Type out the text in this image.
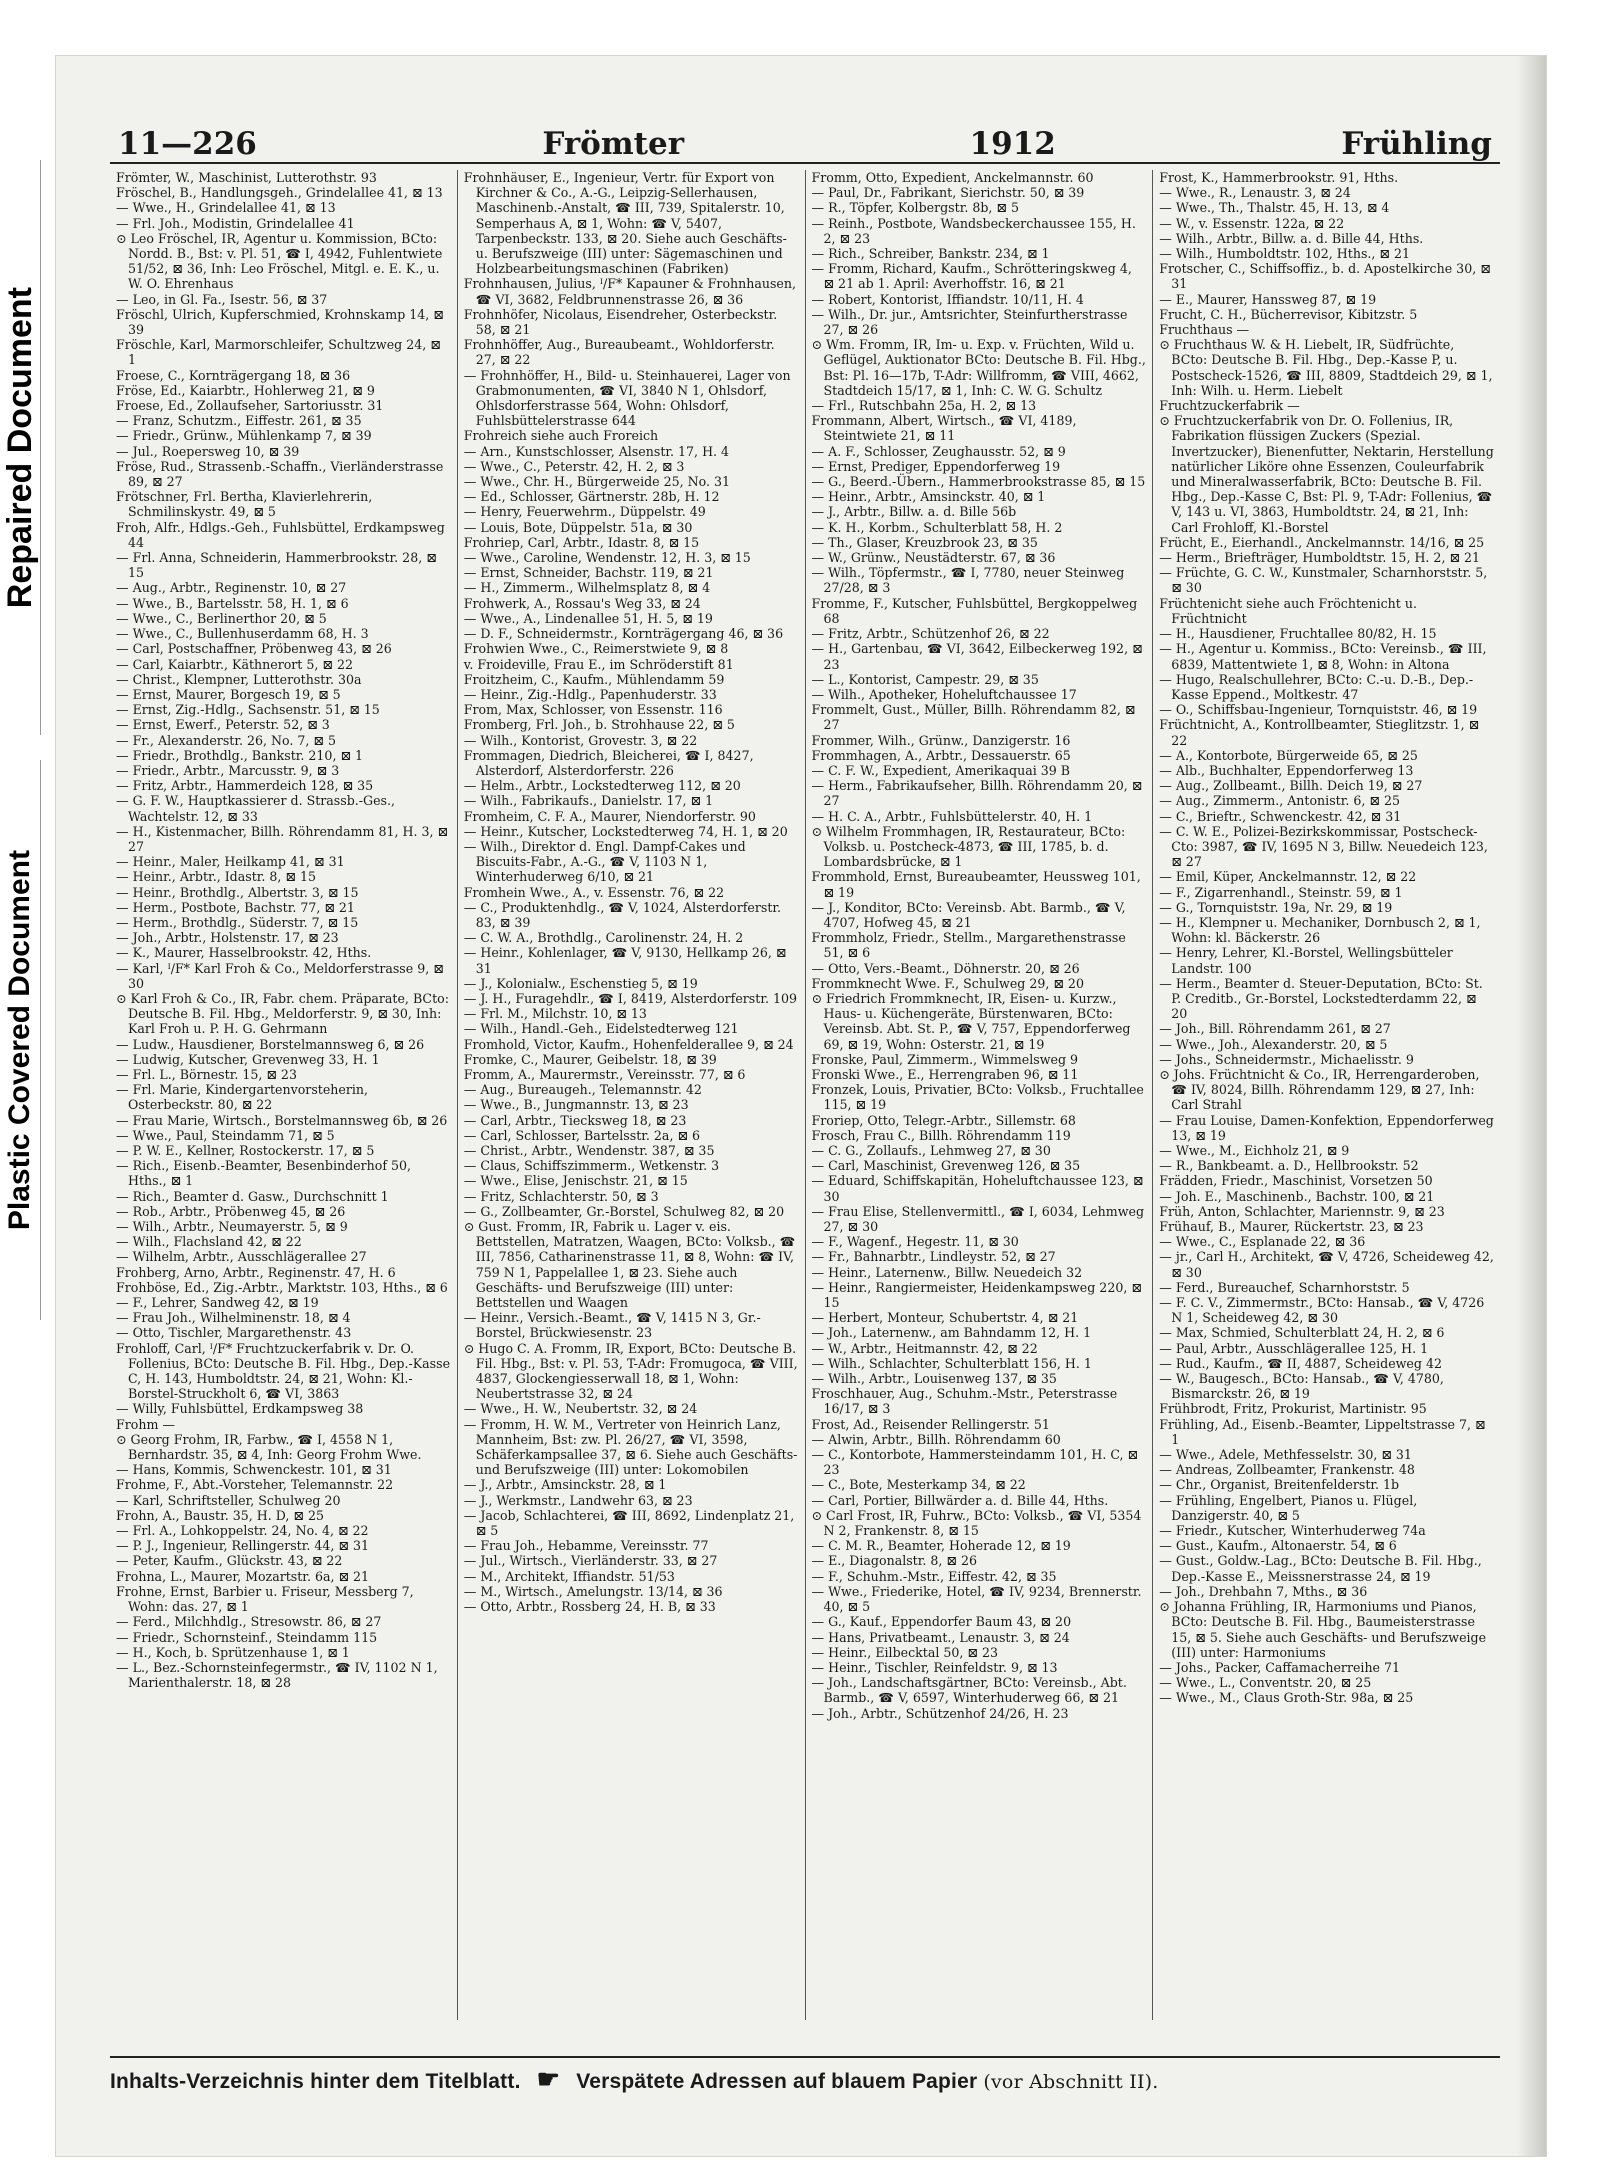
Repaired Document
Plastic Covered Document
11—226	Frömter	1912	Frühling

Frömter, W., Maschinist, Lutterothstr. 93

Fröschel, B., Handlungsgeh., Grindelallee 41, ⊠ 13

— Wwe., H., Grindelallee 41, ⊠ 13

— Frl. Joh., Modistin, Grindelallee 41

⊙ Leo Fröschel, IR, Agentur u. Kommission, BCto: Nordd. B., Bst: v. Pl. 51, ☎ I, 4942, Fuhlentwiete 51/52, ⊠ 36, Inh: Leo Fröschel, Mitgl. e. E. K., u. W. O. Ehrenhaus

— Leo, in Gl. Fa., Isestr. 56, ⊠ 37

Fröschl, Ulrich, Kupferschmied, Krohnskamp 14, ⊠ 39

Fröschle, Karl, Marmorschleifer, Schultzweg 24, ⊠ 1

Froese, C., Kornträgergang 18, ⊠ 36

Fröse, Ed., Kaiarbtr., Hohlerweg 21, ⊠ 9

Froese, Ed., Zollaufseher, Sartoriusstr. 31

— Franz, Schutzm., Eiffestr. 261, ⊠ 35

— Friedr., Grünw., Mühlenkamp 7, ⊠ 39

— Jul., Roepersweg 10, ⊠ 39

Fröse, Rud., Strassenb.-Schaffn., Vierländerstrasse 89, ⊠ 27

Frötschner, Frl. Bertha, Klavierlehrerin, Schmilinskystr. 49, ⊠ 5

Froh, Alfr., Hdlgs.-Geh., Fuhlsbüttel, Erdkampsweg 44

— Frl. Anna, Schneiderin, Hammerbrookstr. 28, ⊠ 15

— Aug., Arbtr., Reginenstr. 10, ⊠ 27

— Wwe., B., Bartelsstr. 58, H. 1, ⊠ 6

— Wwe., C., Berlinerthor 20, ⊠ 5

— Wwe., C., Bullenhuserdamm 68, H. 3

— Carl, Postschaffner, Pröbenweg 43, ⊠ 26

— Carl, Kaiarbtr., Käthnerort 5, ⊠ 22

— Christ., Klempner, Lutterothstr. 30a

— Ernst, Maurer, Borgesch 19, ⊠ 5

— Ernst, Zig.-Hdlg., Sachsenstr. 51, ⊠ 15

— Ernst, Ewerf., Peterstr. 52, ⊠ 3

— Fr., Alexanderstr. 26, No. 7, ⊠ 5

— Friedr., Brothdlg., Bankstr. 210, ⊠ 1

— Friedr., Arbtr., Marcusstr. 9, ⊠ 3

— Fritz, Arbtr., Hammerdeich 128, ⊠ 35

— G. F. W., Hauptkassierer d. Strassb.-Ges., Wachtelstr. 12, ⊠ 33

— H., Kistenmacher, Billh. Röhrendamm 81, H. 3, ⊠ 27

— Heinr., Maler, Heilkamp 41, ⊠ 31

— Heinr., Arbtr., Idastr. 8, ⊠ 15

— Heinr., Brothdlg., Albertstr. 3, ⊠ 15

— Herm., Postbote, Bachstr. 77, ⊠ 21

— Herm., Brothdlg., Süderstr. 7, ⊠ 15

— Joh., Arbtr., Holstenstr. 17, ⊠ 23

— K., Maurer, Hasselbrookstr. 42, Hths.

— Karl, ᴵ/F* Karl Froh & Co., Meldorferstrasse 9, ⊠ 30

⊙ Karl Froh & Co., IR, Fabr. chem. Präparate, BCto: Deutsche B. Fil. Hbg., Meldorferstr. 9, ⊠ 30, Inh: Karl Froh u. P. H. G. Gehrmann

— Ludw., Hausdiener, Borstelmannsweg 6, ⊠ 26

— Ludwig, Kutscher, Grevenweg 33, H. 1

— Frl. L., Börnestr. 15, ⊠ 23

— Frl. Marie, Kindergartenvorsteherin, Osterbeckstr. 80, ⊠ 22

— Frau Marie, Wirtsch., Borstelmannsweg 6b, ⊠ 26

— Wwe., Paul, Steindamm 71, ⊠ 5

— P. W. E., Kellner, Rostockerstr. 17, ⊠ 5

— Rich., Eisenb.-Beamter, Besenbinderhof 50, Hths., ⊠ 1

— Rich., Beamter d. Gasw., Durchschnitt 1

— Rob., Arbtr., Pröbenweg 45, ⊠ 26

— Wilh., Arbtr., Neumayerstr. 5, ⊠ 9

— Wilh., Flachsland 42, ⊠ 22

— Wilhelm, Arbtr., Ausschlägerallee 27

Frohberg, Arno, Arbtr., Reginenstr. 47, H. 6

Frohböse, Ed., Zig.-Arbtr., Marktstr. 103, Hths., ⊠ 6

— F., Lehrer, Sandweg 42, ⊠ 19

— Frau Joh., Wilhelminenstr. 18, ⊠ 4

— Otto, Tischler, Margarethenstr. 43

Frohloff, Carl, ᴵ/F* Fruchtzuckerfabrik v. Dr. O. Follenius, BCto: Deutsche B. Fil. Hbg., Dep.-Kasse C, H. 143, Humboldtstr. 24, ⊠ 21, Wohn: Kl.-Borstel-Struckholt 6, ☎ VI, 3863

— Willy, Fuhlsbüttel, Erdkampsweg 38

Frohm —

⊙ Georg Frohm, IR, Farbw., ☎ I, 4558 N 1, Bernhardstr. 35, ⊠ 4, Inh: Georg Frohm Wwe.

— Hans, Kommis, Schwenckestr. 101, ⊠ 31

Frohme, F., Abt.-Vorsteher, Telemannstr. 22

— Karl, Schriftsteller, Schulweg 20

Frohn, A., Baustr. 35, H. D, ⊠ 25

— Frl. A., Lohkoppelstr. 24, No. 4, ⊠ 22

— P. J., Ingenieur, Rellingerstr. 44, ⊠ 31

— Peter, Kaufm., Glückstr. 43, ⊠ 22

Frohna, L., Maurer, Mozartstr. 6a, ⊠ 21

Frohne, Ernst, Barbier u. Friseur, Messberg 7, Wohn: das. 27, ⊠ 1

— Ferd., Milchhdlg., Stresowstr. 86, ⊠ 27

— Friedr., Schornsteinf., Steindamm 115

— H., Koch, b. Sprützenhause 1, ⊠ 1

— L., Bez.-Schornsteinfegermstr., ☎ IV, 1102 N 1, Marienthalerstr. 18, ⊠ 28

Frohnhäuser, E., Ingenieur, Vertr. für Export von Kirchner & Co., A.-G., Leipzig-Sellerhausen, Maschinenb.-Anstalt, ☎ III, 739, Spitalerstr. 10, Semperhaus A, ⊠ 1, Wohn: ☎ V, 5407, Tarpenbeckstr. 133, ⊠ 20. Siehe auch Geschäfts- u. Berufszweige (III) unter: Sägemaschinen und Holzbearbeitungsmaschinen (Fabriken)

Frohnhausen, Julius, ᴵ/F* Kapauner & Frohnhausen, ☎ VI, 3682, Feldbrunnenstrasse 26, ⊠ 36

Frohnhöfer, Nicolaus, Eisendreher, Osterbeckstr. 58, ⊠ 21

Frohnhöffer, Aug., Bureaubeamt., Wohldorferstr. 27, ⊠ 22

— Frohnhöffer, H., Bild- u. Steinhauerei, Lager von Grabmonumenten, ☎ VI, 3840 N 1, Ohlsdorf, Ohlsdorferstrasse 564, Wohn: Ohlsdorf, Fuhlsbüttelerstrasse 644

Frohreich siehe auch Froreich

— Arn., Kunstschlosser, Alsenstr. 17, H. 4

— Wwe., C., Peterstr. 42, H. 2, ⊠ 3

— Wwe., Chr. H., Bürgerweide 25, No. 31

— Ed., Schlosser, Gärtnerstr. 28b, H. 12

— Henry, Feuerwehrm., Düppelstr. 49

— Louis, Bote, Düppelstr. 51a, ⊠ 30

Frohriep, Carl, Arbtr., Idastr. 8, ⊠ 15

— Wwe., Caroline, Wendenstr. 12, H. 3, ⊠ 15

— Ernst, Schneider, Bachstr. 119, ⊠ 21

— H., Zimmerm., Wilhelmsplatz 8, ⊠ 4

Frohwerk, A., Rossau's Weg 33, ⊠ 24

— Wwe., A., Lindenallee 51, H. 5, ⊠ 19

— D. F., Schneidermstr., Kornträgergang 46, ⊠ 36

Frohwien Wwe., C., Reimerstwiete 9, ⊠ 8

v. Froideville, Frau E., im Schröderstift 81

Froitzheim, C., Kaufm., Mühlendamm 59

— Heinr., Zig.-Hdlg., Papenhuderstr. 33

From, Max, Schlosser, von Essenstr. 116

Fromberg, Frl. Joh., b. Strohhause 22, ⊠ 5

— Wilh., Kontorist, Grovestr. 3, ⊠ 22

Frommagen, Diedrich, Bleicherei, ☎ I, 8427, Alsterdorf, Alsterdorferstr. 226

— Helm., Arbtr., Lockstedterweg 112, ⊠ 20

— Wilh., Fabrikaufs., Danielstr. 17, ⊠ 1

Fromheim, C. F. A., Maurer, Niendorferstr. 90

— Heinr., Kutscher, Lockstedterweg 74, H. 1, ⊠ 20

— Wilh., Direktor d. Engl. Dampf-Cakes und Biscuits-Fabr., A.-G., ☎ V, 1103 N 1, Winterhuderweg 6/10, ⊠ 21

Fromhein Wwe., A., v. Essenstr. 76, ⊠ 22

— C., Produktenhdlg., ☎ V, 1024, Alsterdorferstr. 83, ⊠ 39

— C. W. A., Brothdlg., Carolinenstr. 24, H. 2

— Heinr., Kohlenlager, ☎ V, 9130, Hellkamp 26, ⊠ 31

— J., Kolonialw., Eschenstieg 5, ⊠ 19

— J. H., Furagehdlr., ☎ I, 8419, Alsterdorferstr. 109

— Frl. M., Milchstr. 10, ⊠ 13

— Wilh., Handl.-Geh., Eidelstedterweg 121

Fromhold, Victor, Kaufm., Hohenfelderallee 9, ⊠ 24

Fromke, C., Maurer, Geibelstr. 18, ⊠ 39

Fromm, A., Maurermstr., Vereinsstr. 77, ⊠ 6

— Aug., Bureaugeh., Telemannstr. 42

— Wwe., B., Jungmannstr. 13, ⊠ 23

— Carl, Arbtr., Tiecksweg 18, ⊠ 23

— Carl, Schlosser, Bartelsstr. 2a, ⊠ 6

— Christ., Arbtr., Wendenstr. 387, ⊠ 35

— Claus, Schiffszimmerm., Wetkenstr. 3

— Wwe., Elise, Jenischstr. 21, ⊠ 15

— Fritz, Schlachterstr. 50, ⊠ 3

— G., Zollbeamter, Gr.-Borstel, Schulweg 82, ⊠ 20

⊙ Gust. Fromm, IR, Fabrik u. Lager v. eis. Bettstellen, Matratzen, Waagen, BCto: Volksb., ☎ III, 7856, Catharinenstrasse 11, ⊠ 8, Wohn: ☎ IV, 759 N 1, Pappelallee 1, ⊠ 23. Siehe auch Geschäfts- und Berufszweige (III) unter: Bettstellen und Waagen

— Heinr., Versich.-Beamt., ☎ V, 1415 N 3, Gr.-Borstel, Brückwiesenstr. 23

⊙ Hugo C. A. Fromm, IR, Export, BCto: Deutsche B. Fil. Hbg., Bst: v. Pl. 53, T-Adr: Fromugoca, ☎ VIII, 4837, Glockengiesserwall 18, ⊠ 1, Wohn: Neubertstrasse 32, ⊠ 24

— Wwe., H. W., Neubertstr. 32, ⊠ 24

— Fromm, H. W. M., Vertreter von Heinrich Lanz, Mannheim, Bst: zw. Pl. 26/27, ☎ VI, 3598, Schäferkampsallee 37, ⊠ 6. Siehe auch Geschäfts- und Berufszweige (III) unter: Lokomobilen

— J., Arbtr., Amsinckstr. 28, ⊠ 1

— J., Werkmstr., Landwehr 63, ⊠ 23

— Jacob, Schlachterei, ☎ III, 8692, Lindenplatz 21, ⊠ 5

— Frau Joh., Hebamme, Vereinsstr. 77

— Jul., Wirtsch., Vierländerstr. 33, ⊠ 27

— M., Architekt, Iffiandstr. 51/53

— M., Wirtsch., Amelungstr. 13/14, ⊠ 36

— Otto, Arbtr., Rossberg 24, H. B, ⊠ 33

Fromm, Otto, Expedient, Anckelmannstr. 60

— Paul, Dr., Fabrikant, Sierichstr. 50, ⊠ 39

— R., Töpfer, Kolbergstr. 8b, ⊠ 5

— Reinh., Postbote, Wandsbeckerchaussee 155, H. 2, ⊠ 23

— Rich., Schreiber, Bankstr. 234, ⊠ 1

— Fromm, Richard, Kaufm., Schrötteringskweg 4, ⊠ 21 ab 1. April: Averhoffstr. 16, ⊠ 21

— Robert, Kontorist, Iffiandstr. 10/11, H. 4

— Wilh., Dr. jur., Amtsrichter, Steinfurtherstrasse 27, ⊠ 26

⊙ Wm. Fromm, IR, Im- u. Exp. v. Früchten, Wild u. Geflügel, Auktionator BCto: Deutsche B. Fil. Hbg., Bst: Pl. 16—17b, T-Adr: Willfromm, ☎ VIII, 4662, Stadtdeich 15/17, ⊠ 1, Inh: C. W. G. Schultz

— Frl., Rutschbahn 25a, H. 2, ⊠ 13

Frommann, Albert, Wirtsch., ☎ VI, 4189, Steintwiete 21, ⊠ 11

— A. F., Schlosser, Zeughausstr. 52, ⊠ 9

— Ernst, Prediger, Eppendorferweg 19

— G., Beerd.-Übern., Hammerbrookstrasse 85, ⊠ 15

— Heinr., Arbtr., Amsinckstr. 40, ⊠ 1

— J., Arbtr., Billw. a. d. Bille 56b

— K. H., Korbm., Schulterblatt 58, H. 2

— Th., Glaser, Kreuzbrook 23, ⊠ 35

— W., Grünw., Neustädterstr. 67, ⊠ 36

— Wilh., Töpfermstr., ☎ I, 7780, neuer Steinweg 27/28, ⊠ 3

Fromme, F., Kutscher, Fuhlsbüttel, Bergkoppelweg 68

— Fritz, Arbtr., Schützenhof 26, ⊠ 22

— H., Gartenbau, ☎ VI, 3642, Eilbeckerweg 192, ⊠ 23

— L., Kontorist, Campestr. 29, ⊠ 35

— Wilh., Apotheker, Hoheluftchaussee 17

Frommelt, Gust., Müller, Billh. Röhrendamm 82, ⊠ 27

Frommer, Wilh., Grünw., Danzigerstr. 16

Frommhagen, A., Arbtr., Dessauerstr. 65

— C. F. W., Expedient, Amerikaquai 39 B

— Herm., Fabrikaufseher, Billh. Röhrendamm 20, ⊠ 27

— H. C. A., Arbtr., Fuhlsbüttelerstr. 40, H. 1

⊙ Wilhelm Frommhagen, IR, Restaurateur, BCto: Volksb. u. Postcheck-4873, ☎ III, 1785, b. d. Lombardsbrücke, ⊠ 1

Frommhold, Ernst, Bureaubeamter, Heussweg 101, ⊠ 19

— J., Konditor, BCto: Vereinsb. Abt. Barmb., ☎ V, 4707, Hofweg 45, ⊠ 21

Frommholz, Friedr., Stellm., Margarethenstrasse 51, ⊠ 6

— Otto, Vers.-Beamt., Döhnerstr. 20, ⊠ 26

Frommknecht Wwe. F., Schulweg 29, ⊠ 20

⊙ Friedrich Frommknecht, IR, Eisen- u. Kurzw., Haus- u. Küchengeräte, Bürstenwaren, BCto: Vereinsb. Abt. St. P., ☎ V, 757, Eppendorferweg 69, ⊠ 19, Wohn: Osterstr. 21, ⊠ 19

Fronske, Paul, Zimmerm., Wimmelsweg 9

Fronski Wwe., E., Herrengraben 96, ⊠ 11

Fronzek, Louis, Privatier, BCto: Volksb., Fruchtallee 115, ⊠ 19

Froriep, Otto, Telegr.-Arbtr., Sillemstr. 68

Frosch, Frau C., Billh. Röhrendamm 119

— C. G., Zollaufs., Lehmweg 27, ⊠ 30

— Carl, Maschinist, Grevenweg 126, ⊠ 35

— Eduard, Schiffskapitän, Hoheluftchaussee 123, ⊠ 30

— Frau Elise, Stellenvermittl., ☎ I, 6034, Lehmweg 27, ⊠ 30

— F., Wagenf., Hegestr. 11, ⊠ 30

— Fr., Bahnarbtr., Lindleystr. 52, ⊠ 27

— Heinr., Laternenw., Billw. Neuedeich 32

— Heinr., Rangiermeister, Heidenkampsweg 220, ⊠ 15

— Herbert, Monteur, Schubertstr. 4, ⊠ 21

— Joh., Laternenw., am Bahndamm 12, H. 1

— W., Arbtr., Heitmannstr. 42, ⊠ 22

— Wilh., Schlachter, Schulterblatt 156, H. 1

— Wilh., Arbtr., Louisenweg 137, ⊠ 35

Froschhauer, Aug., Schuhm.-Mstr., Peterstrasse 16/17, ⊠ 3

Frost, Ad., Reisender Rellingerstr. 51

— Alwin, Arbtr., Billh. Röhrendamm 60

— C., Kontorbote, Hammersteindamm 101, H. C, ⊠ 23

— C., Bote, Mesterkamp 34, ⊠ 22

— Carl, Portier, Billwärder a. d. Bille 44, Hths.

⊙ Carl Frost, IR, Fuhrw., BCto: Volksb., ☎ VI, 5354 N 2, Frankenstr. 8, ⊠ 15

— C. M. R., Beamter, Hoherade 12, ⊠ 19

— E., Diagonalstr. 8, ⊠ 26

— F., Schuhm.-Mstr., Eiffestr. 42, ⊠ 35

— Wwe., Friederike, Hotel, ☎ IV, 9234, Brennerstr. 40, ⊠ 5

— G., Kauf., Eppendorfer Baum 43, ⊠ 20

— Hans, Privatbeamt., Lenaustr. 3, ⊠ 24

— Heinr., Eilbecktal 50, ⊠ 23

— Heinr., Tischler, Reinfeldstr. 9, ⊠ 13

— Joh., Landschaftsgärtner, BCto: Vereinsb., Abt. Barmb., ☎ V, 6597, Winterhuderweg 66, ⊠ 21

— Joh., Arbtr., Schützenhof 24/26, H. 23

Frost, K., Hammerbrookstr. 91, Hths.

— Wwe., R., Lenaustr. 3, ⊠ 24

— Wwe., Th., Thalstr. 45, H. 13, ⊠ 4

— W., v. Essenstr. 122a, ⊠ 22

— Wilh., Arbtr., Billw. a. d. Bille 44, Hths.

— Wilh., Humboldtstr. 102, Hths., ⊠ 21

Frotscher, C., Schiffsoffiz., b. d. Apostelkirche 30, ⊠ 31

— E., Maurer, Hanssweg 87, ⊠ 19

Frucht, C. H., Bücherrevisor, Kibitzstr. 5

Fruchthaus —

⊙ Fruchthaus W. & H. Liebelt, IR, Südfrüchte, BCto: Deutsche B. Fil. Hbg., Dep.-Kasse P, u. Postscheck-1526, ☎ III, 8809, Stadtdeich 29, ⊠ 1, Inh: Wilh. u. Herm. Liebelt

Fruchtzuckerfabrik —

⊙ Fruchtzuckerfabrik von Dr. O. Follenius, IR, Fabrikation flüssigen Zuckers (Spezial. Invertzucker), Bienenfutter, Nektarin, Herstellung natürlicher Liköre ohne Essenzen, Couleurfabrik und Mineralwasserfabrik, BCto: Deutsche B. Fil. Hbg., Dep.-Kasse C, Bst: Pl. 9, T-Adr: Follenius, ☎ V, 143 u. VI, 3863, Humboldtstr. 24, ⊠ 21, Inh: Carl Frohloff, Kl.-Borstel

Frücht, E., Eierhandl., Anckelmannstr. 14/16, ⊠ 25

— Herm., Briefträger, Humboldtstr. 15, H. 2, ⊠ 21

— Früchte, G. C. W., Kunstmaler, Scharnhorststr. 5, ⊠ 30

Früchtenicht siehe auch Fröchtenicht u. Früchtnicht

— H., Hausdiener, Fruchtallee 80/82, H. 15

— H., Agentur u. Kommiss., BCto: Vereinsb., ☎ III, 6839, Mattentwiete 1, ⊠ 8, Wohn: in Altona

— Hugo, Realschullehrer, BCto: C.-u. D.-B., Dep.-Kasse Eppend., Moltkestr. 47

— O., Schiffsbau-Ingenieur, Tornquiststr. 46, ⊠ 19

Früchtnicht, A., Kontrollbeamter, Stieglitzstr. 1, ⊠ 22

— A., Kontorbote, Bürgerweide 65, ⊠ 25

— Alb., Buchhalter, Eppendorferweg 13

— Aug., Zollbeamt., Billh. Deich 19, ⊠ 27

— Aug., Zimmerm., Antonistr. 6, ⊠ 25

— C., Brieftr., Schwenckestr. 42, ⊠ 31

— C. W. E., Polizei-Bezirkskommissar, Postscheck-Cto: 3987, ☎ IV, 1695 N 3, Billw. Neuedeich 123, ⊠ 27

— Emil, Küper, Anckelmannstr. 12, ⊠ 22

— F., Zigarrenhandl., Steinstr. 59, ⊠ 1

— G., Tornquiststr. 19a, Nr. 29, ⊠ 19

— H., Klempner u. Mechaniker, Dornbusch 2, ⊠ 1, Wohn: kl. Bäckerstr. 26

— Henry, Lehrer, Kl.-Borstel, Wellingsbütteler Landstr. 100

— Herm., Beamter d. Steuer-Deputation, BCto: St. P. Creditb., Gr.-Borstel, Lockstedterdamm 22, ⊠ 20

— Joh., Bill. Röhrendamm 261, ⊠ 27

— Wwe., Joh., Alexanderstr. 20, ⊠ 5

— Johs., Schneidermstr., Michaelisstr. 9

⊙ Johs. Früchtnicht & Co., IR, Herrengarderoben, ☎ IV, 8024, Billh. Röhrendamm 129, ⊠ 27, Inh: Carl Strahl

— Frau Louise, Damen-Konfektion, Eppendorferweg 13, ⊠ 19

— Wwe., M., Eichholz 21, ⊠ 9

— R., Bankbeamt. a. D., Hellbrookstr. 52

Frädden, Friedr., Maschinist, Vorsetzen 50

— Joh. E., Maschinenb., Bachstr. 100, ⊠ 21

Früh, Anton, Schlachter, Mariennstr. 9, ⊠ 23

Frühauf, B., Maurer, Rückertstr. 23, ⊠ 23

— Wwe., C., Esplanade 22, ⊠ 36

— jr., Carl H., Architekt, ☎ V, 4726, Scheideweg 42, ⊠ 30

— Ferd., Bureauchef, Scharnhorststr. 5

— F. C. V., Zimmermstr., BCto: Hansab., ☎ V, 4726 N 1, Scheideweg 42, ⊠ 30

— Max, Schmied, Schulterblatt 24, H. 2, ⊠ 6

— Paul, Arbtr., Ausschlägerallee 125, H. 1

— Rud., Kaufm., ☎ II, 4887, Scheideweg 42

— W., Baugesch., BCto: Hansab., ☎ V, 4780, Bismarckstr. 26, ⊠ 19

Frühbrodt, Fritz, Prokurist, Martinistr. 95

Frühling, Ad., Eisenb.-Beamter, Lippeltstrasse 7, ⊠ 1

— Wwe., Adele, Methfesselstr. 30, ⊠ 31

— Andreas, Zollbeamter, Frankenstr. 48

— Chr., Organist, Breitenfelderstr. 1b

— Frühling, Engelbert, Pianos u. Flügel, Danzigerstr. 40, ⊠ 5

— Friedr., Kutscher, Winterhuderweg 74a

— Gust., Kaufm., Altonaerstr. 54, ⊠ 6

— Gust., Goldw.-Lag., BCto: Deutsche B. Fil. Hbg., Dep.-Kasse E., Meissnerstrasse 24, ⊠ 19

— Joh., Drehbahn 7, Mths., ⊠ 36

⊙ Johanna Frühling, IR, Harmoniums und Pianos, BCto: Deutsche B. Fil. Hbg., Baumeisterstrasse 15, ⊠ 5. Siehe auch Geschäfts- und Berufszweige (III) unter: Harmoniums

— Johs., Packer, Caffamacherreihe 71

— Wwe., L., Conventstr. 20, ⊠ 25

— Wwe., M., Claus Groth-Str. 98a, ⊠ 25

Inhalts-Verzeichnis hinter dem Titelblatt. ☛ Verspätete Adressen auf blauem Papier (vor Abschnitt II).
